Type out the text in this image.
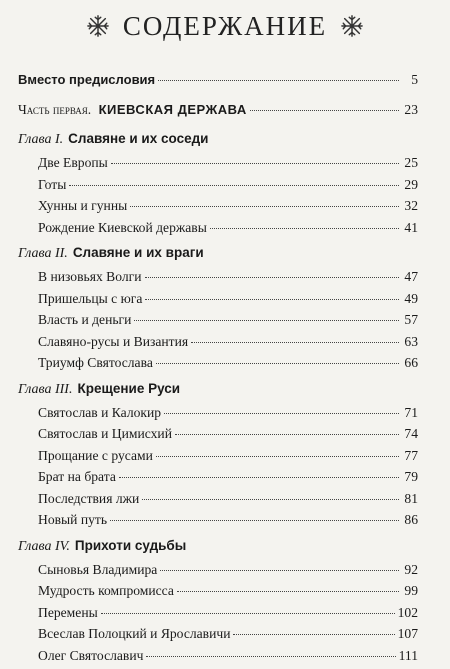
СОДЕРЖАНИЕ
Вместо предисловия	5
Часть первая. КИЕВСКАЯ ДЕРЖАВА	23
Глава I. Славяне и их соседи
Две Европы	25
Готы	29
Хунны и гунны	32
Рождение Киевской державы	41
Глава II. Славяне и их враги
В низовьях Волги	47
Пришельцы с юга	49
Власть и деньги	57
Славяно-русы и Византия	63
Триумф Святослава	66
Глава III. Крещение Руси
Святослав и Калокир	71
Святослав и Цимисхий	74
Прощание с русами	77
Брат на брата	79
Последствия лжи	81
Новый путь	86
Глава IV. Прихоти судьбы
Сыновья Владимира	92
Мудрость компромисса	99
Перемены	102
Всеслав Полоцкий и Ярославичи	107
Олег Святославич	111
